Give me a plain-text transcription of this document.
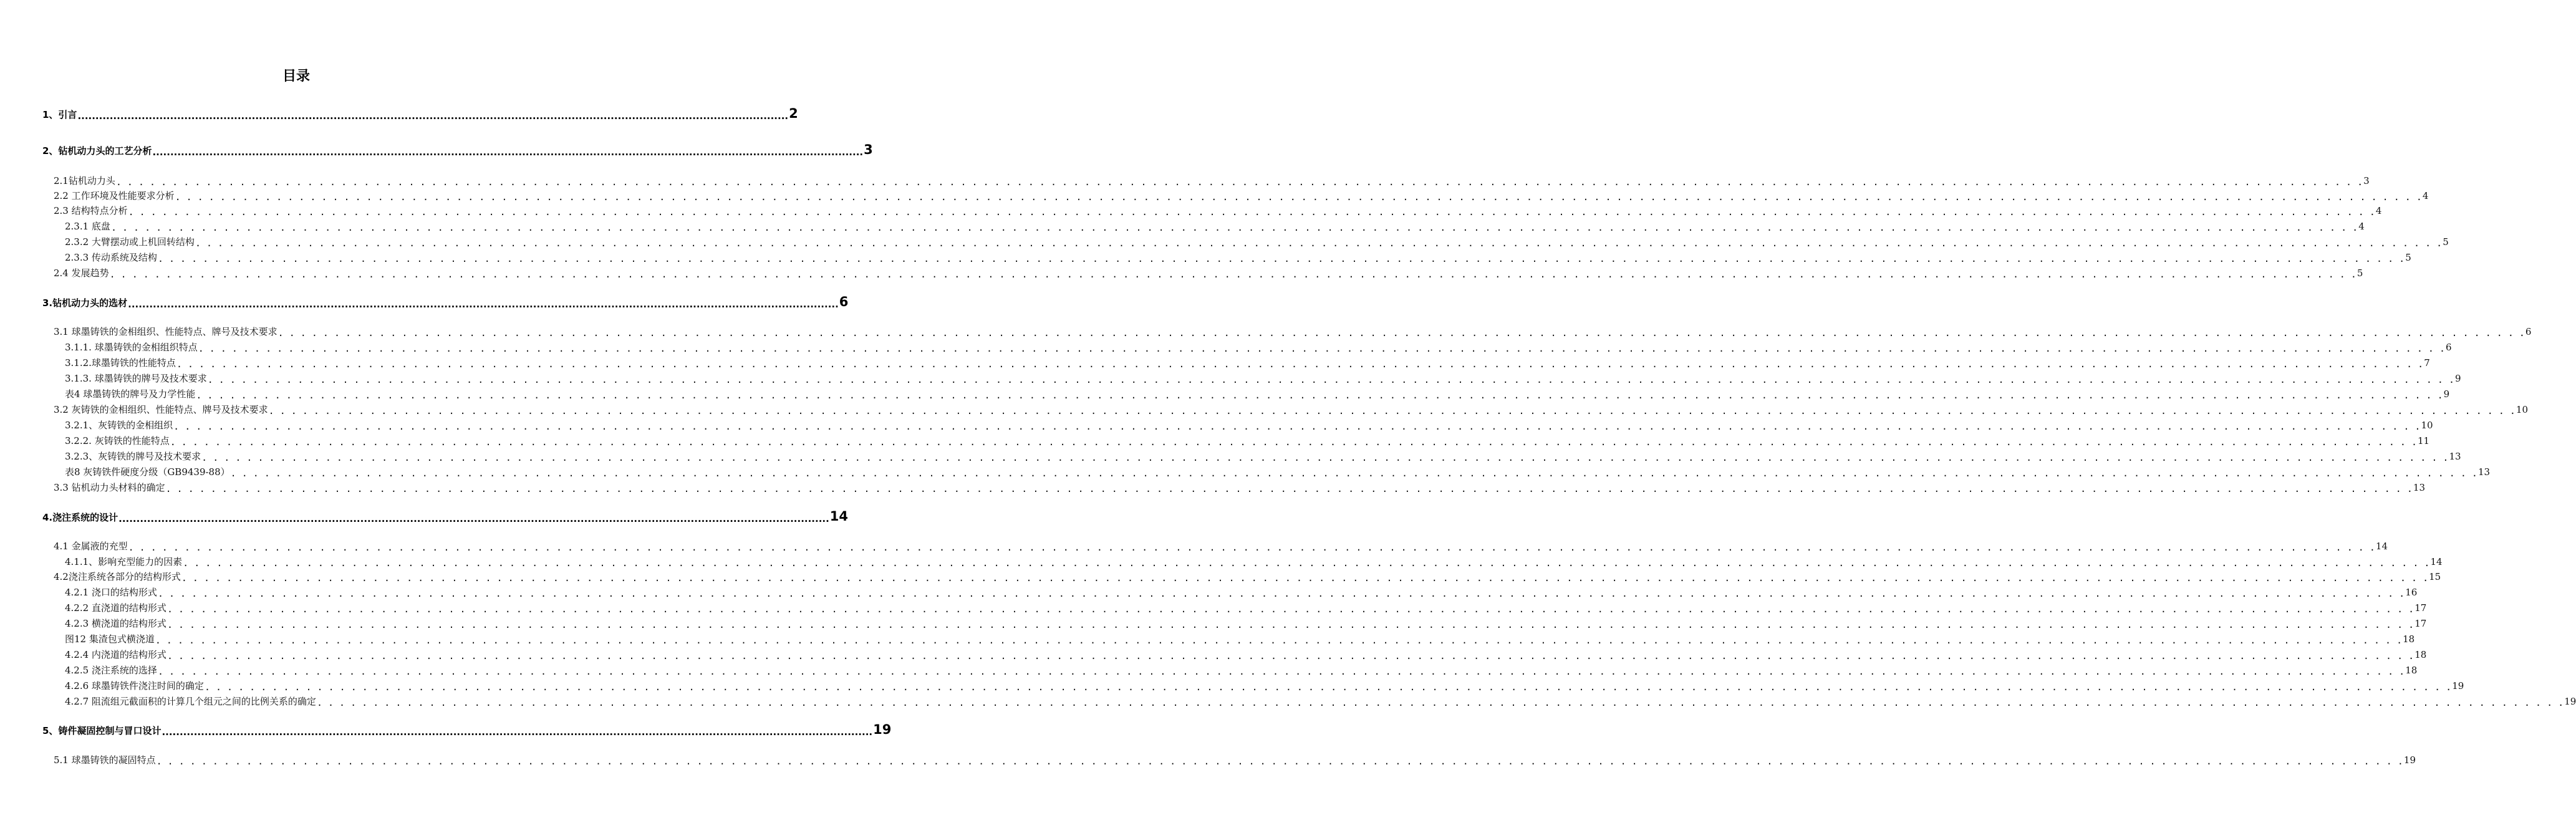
目录
1、引言 ........................................................................................................................................................................................................ 2
2、钻机动力头的工艺分析 ........................................................................................................................................................................................................ 3
2.1钻机动力头 . . . . . . . . . . . . . . . . . . . . . . . . . . . . . . . . . . . . . . . . . . . . . . . . . . . . . . . . . . . . . . . . . . . . . . . . . . . . . . . . . . . . . . . . . . . . . . . . . . . . . . . . . . . . . . . . . . . . . . . . . . . . . . . . . . . . . . . . . . . . . . . . . . . . . . . . . . . . . . . . . . . . . . . . . . . . . . . . . . . . . . . . . . . . . . . . . . . . . . . . 3
2.2 工作环境及性能要求分析 . . . . . . . . . . . . . . . . . . . . . . . . . . . . . . . . . . . . . . . . . . . . . . . . . . . . . . . . . . . . . . . . . . . . . . . . . . . . . . . . . . . . . . . . . . . . . . . . . . . . . . . . . . . . . . . . . . . . . . . . . . . . . . . . . . . . . . . . . . . . . . . . . . . . . . . . . . . . . . . . . . . . . . . . . . . . . . . . . . . . . . . . . . . . . . . . . . . . . . . . 4
2.3 结构特点分析 . . . . . . . . . . . . . . . . . . . . . . . . . . . . . . . . . . . . . . . . . . . . . . . . . . . . . . . . . . . . . . . . . . . . . . . . . . . . . . . . . . . . . . . . . . . . . . . . . . . . . . . . . . . . . . . . . . . . . . . . . . . . . . . . . . . . . . . . . . . . . . . . . . . . . . . . . . . . . . . . . . . . . . . . . . . . . . . . . . . . . . . . . . . . . . . . . . . . . . . . 4
2.3.1 底盘 . . . . . . . . . . . . . . . . . . . . . . . . . . . . . . . . . . . . . . . . . . . . . . . . . . . . . . . . . . . . . . . . . . . . . . . . . . . . . . . . . . . . . . . . . . . . . . . . . . . . . . . . . . . . . . . . . . . . . . . . . . . . . . . . . . . . . . . . . . . . . . . . . . . . . . . . . . . . . . . . . . . . . . . . . . . . . . . . . . . . . . . . . . . . . . . . . . . . . . . . 4
2.3.2 大臂摆动或上机回转结构 . . . . . . . . . . . . . . . . . . . . . . . . . . . . . . . . . . . . . . . . . . . . . . . . . . . . . . . . . . . . . . . . . . . . . . . . . . . . . . . . . . . . . . . . . . . . . . . . . . . . . . . . . . . . . . . . . . . . . . . . . . . . . . . . . . . . . . . . . . . . . . . . . . . . . . . . . . . . . . . . . . . . . . . . . . . . . . . . . . . . . . . . . . . . . . . . . . . . . . . . 5
2.3.3 传动系统及结构 . . . . . . . . . . . . . . . . . . . . . . . . . . . . . . . . . . . . . . . . . . . . . . . . . . . . . . . . . . . . . . . . . . . . . . . . . . . . . . . . . . . . . . . . . . . . . . . . . . . . . . . . . . . . . . . . . . . . . . . . . . . . . . . . . . . . . . . . . . . . . . . . . . . . . . . . . . . . . . . . . . . . . . . . . . . . . . . . . . . . . . . . . . . . . . . . . . . . . . . . 5
2.4 发展趋势 . . . . . . . . . . . . . . . . . . . . . . . . . . . . . . . . . . . . . . . . . . . . . . . . . . . . . . . . . . . . . . . . . . . . . . . . . . . . . . . . . . . . . . . . . . . . . . . . . . . . . . . . . . . . . . . . . . . . . . . . . . . . . . . . . . . . . . . . . . . . . . . . . . . . . . . . . . . . . . . . . . . . . . . . . . . . . . . . . . . . . . . . . . . . . . . . . . . . . . . . 5
3.钻机动力头的选材 ........................................................................................................................................................................................................ 6
3.1 球墨铸铁的金相组织、性能特点、牌号及技术要求 . . . . . . . . . . . . . . . . . . . . . . . . . . . . . . . . . . . . . . . . . . . . . . . . . . . . . . . . . . . . . . . . . . . . . . . . . . . . . . . . . . . . . . . . . . . . . . . . . . . . . . . . . . . . . . . . . . . . . . . . . . . . . . . . . . . . . . . . . . . . . . . . . . . . . . . . . . . . . . . . . . . . . . . . . . . . . . . . . . . . . . . . . . . . . . . . . . . . . . . . 6
3.1.1. 球墨铸铁的金相组织特点 . . . . . . . . . . . . . . . . . . . . . . . . . . . . . . . . . . . . . . . . . . . . . . . . . . . . . . . . . . . . . . . . . . . . . . . . . . . . . . . . . . . . . . . . . . . . . . . . . . . . . . . . . . . . . . . . . . . . . . . . . . . . . . . . . . . . . . . . . . . . . . . . . . . . . . . . . . . . . . . . . . . . . . . . . . . . . . . . . . . . . . . . . . . . . . . . . . . . . . . . 6
3.1.2.球墨铸铁的性能特点 . . . . . . . . . . . . . . . . . . . . . . . . . . . . . . . . . . . . . . . . . . . . . . . . . . . . . . . . . . . . . . . . . . . . . . . . . . . . . . . . . . . . . . . . . . . . . . . . . . . . . . . . . . . . . . . . . . . . . . . . . . . . . . . . . . . . . . . . . . . . . . . . . . . . . . . . . . . . . . . . . . . . . . . . . . . . . . . . . . . . . . . . . . . . . . . . . . . . . . . . 7
3.1.3. 球墨铸铁的牌号及技术要求 . . . . . . . . . . . . . . . . . . . . . . . . . . . . . . . . . . . . . . . . . . . . . . . . . . . . . . . . . . . . . . . . . . . . . . . . . . . . . . . . . . . . . . . . . . . . . . . . . . . . . . . . . . . . . . . . . . . . . . . . . . . . . . . . . . . . . . . . . . . . . . . . . . . . . . . . . . . . . . . . . . . . . . . . . . . . . . . . . . . . . . . . . . . . . . . . . . . . . . . . 9
表4 球墨铸铁的牌号及力学性能 . . . . . . . . . . . . . . . . . . . . . . . . . . . . . . . . . . . . . . . . . . . . . . . . . . . . . . . . . . . . . . . . . . . . . . . . . . . . . . . . . . . . . . . . . . . . . . . . . . . . . . . . . . . . . . . . . . . . . . . . . . . . . . . . . . . . . . . . . . . . . . . . . . . . . . . . . . . . . . . . . . . . . . . . . . . . . . . . . . . . . . . . . . . . . . . . . . . . . . . . 9
3.2 灰铸铁的金相组织、性能特点、牌号及技术要求 . . . . . . . . . . . . . . . . . . . . . . . . . . . . . . . . . . . . . . . . . . . . . . . . . . . . . . . . . . . . . . . . . . . . . . . . . . . . . . . . . . . . . . . . . . . . . . . . . . . . . . . . . . . . . . . . . . . . . . . . . . . . . . . . . . . . . . . . . . . . . . . . . . . . . . . . . . . . . . . . . . . . . . . . . . . . . . . . . . . . . . . . . . . . . . . . . . . . . . . . 10
3.2.1、灰铸铁的金相组织 . . . . . . . . . . . . . . . . . . . . . . . . . . . . . . . . . . . . . . . . . . . . . . . . . . . . . . . . . . . . . . . . . . . . . . . . . . . . . . . . . . . . . . . . . . . . . . . . . . . . . . . . . . . . . . . . . . . . . . . . . . . . . . . . . . . . . . . . . . . . . . . . . . . . . . . . . . . . . . . . . . . . . . . . . . . . . . . . . . . . . . . . . . . . . . . . . . . . . . . . 10
3.2.2. 灰铸铁的性能特点 . . . . . . . . . . . . . . . . . . . . . . . . . . . . . . . . . . . . . . . . . . . . . . . . . . . . . . . . . . . . . . . . . . . . . . . . . . . . . . . . . . . . . . . . . . . . . . . . . . . . . . . . . . . . . . . . . . . . . . . . . . . . . . . . . . . . . . . . . . . . . . . . . . . . . . . . . . . . . . . . . . . . . . . . . . . . . . . . . . . . . . . . . . . . . . . . . . . . . . . . 11
3.2.3、灰铸铁的牌号及技术要求 . . . . . . . . . . . . . . . . . . . . . . . . . . . . . . . . . . . . . . . . . . . . . . . . . . . . . . . . . . . . . . . . . . . . . . . . . . . . . . . . . . . . . . . . . . . . . . . . . . . . . . . . . . . . . . . . . . . . . . . . . . . . . . . . . . . . . . . . . . . . . . . . . . . . . . . . . . . . . . . . . . . . . . . . . . . . . . . . . . . . . . . . . . . . . . . . . . . . . . . . 13
表8 灰铸铁件硬度分级（GB9439-88） . . . . . . . . . . . . . . . . . . . . . . . . . . . . . . . . . . . . . . . . . . . . . . . . . . . . . . . . . . . . . . . . . . . . . . . . . . . . . . . . . . . . . . . . . . . . . . . . . . . . . . . . . . . . . . . . . . . . . . . . . . . . . . . . . . . . . . . . . . . . . . . . . . . . . . . . . . . . . . . . . . . . . . . . . . . . . . . . . . . . . . . . . . . . . . . . . . . . . . . . 13
3.3 钻机动力头材料的确定 . . . . . . . . . . . . . . . . . . . . . . . . . . . . . . . . . . . . . . . . . . . . . . . . . . . . . . . . . . . . . . . . . . . . . . . . . . . . . . . . . . . . . . . . . . . . . . . . . . . . . . . . . . . . . . . . . . . . . . . . . . . . . . . . . . . . . . . . . . . . . . . . . . . . . . . . . . . . . . . . . . . . . . . . . . . . . . . . . . . . . . . . . . . . . . . . . . . . . . . . 13
4.浇注系统的设计 ........................................................................................................................................................................................................ 14
4.1 金属液的充型 . . . . . . . . . . . . . . . . . . . . . . . . . . . . . . . . . . . . . . . . . . . . . . . . . . . . . . . . . . . . . . . . . . . . . . . . . . . . . . . . . . . . . . . . . . . . . . . . . . . . . . . . . . . . . . . . . . . . . . . . . . . . . . . . . . . . . . . . . . . . . . . . . . . . . . . . . . . . . . . . . . . . . . . . . . . . . . . . . . . . . . . . . . . . . . . . . . . . . . . . 14
4.1.1、影响充型能力的因素 . . . . . . . . . . . . . . . . . . . . . . . . . . . . . . . . . . . . . . . . . . . . . . . . . . . . . . . . . . . . . . . . . . . . . . . . . . . . . . . . . . . . . . . . . . . . . . . . . . . . . . . . . . . . . . . . . . . . . . . . . . . . . . . . . . . . . . . . . . . . . . . . . . . . . . . . . . . . . . . . . . . . . . . . . . . . . . . . . . . . . . . . . . . . . . . . . . . . . . . . 14
4.2浇注系统各部分的结构形式 . . . . . . . . . . . . . . . . . . . . . . . . . . . . . . . . . . . . . . . . . . . . . . . . . . . . . . . . . . . . . . . . . . . . . . . . . . . . . . . . . . . . . . . . . . . . . . . . . . . . . . . . . . . . . . . . . . . . . . . . . . . . . . . . . . . . . . . . . . . . . . . . . . . . . . . . . . . . . . . . . . . . . . . . . . . . . . . . . . . . . . . . . . . . . . . . . . . . . . . . 15
4.2.1 浇口的结构形式 . . . . . . . . . . . . . . . . . . . . . . . . . . . . . . . . . . . . . . . . . . . . . . . . . . . . . . . . . . . . . . . . . . . . . . . . . . . . . . . . . . . . . . . . . . . . . . . . . . . . . . . . . . . . . . . . . . . . . . . . . . . . . . . . . . . . . . . . . . . . . . . . . . . . . . . . . . . . . . . . . . . . . . . . . . . . . . . . . . . . . . . . . . . . . . . . . . . . . . . . 16
4.2.2 直浇道的结构形式 . . . . . . . . . . . . . . . . . . . . . . . . . . . . . . . . . . . . . . . . . . . . . . . . . . . . . . . . . . . . . . . . . . . . . . . . . . . . . . . . . . . . . . . . . . . . . . . . . . . . . . . . . . . . . . . . . . . . . . . . . . . . . . . . . . . . . . . . . . . . . . . . . . . . . . . . . . . . . . . . . . . . . . . . . . . . . . . . . . . . . . . . . . . . . . . . . . . . . . . . 17
4.2.3 横浇道的结构形式 . . . . . . . . . . . . . . . . . . . . . . . . . . . . . . . . . . . . . . . . . . . . . . . . . . . . . . . . . . . . . . . . . . . . . . . . . . . . . . . . . . . . . . . . . . . . . . . . . . . . . . . . . . . . . . . . . . . . . . . . . . . . . . . . . . . . . . . . . . . . . . . . . . . . . . . . . . . . . . . . . . . . . . . . . . . . . . . . . . . . . . . . . . . . . . . . . . . . . . . . 17
图12 集渣包式横浇道 . . . . . . . . . . . . . . . . . . . . . . . . . . . . . . . . . . . . . . . . . . . . . . . . . . . . . . . . . . . . . . . . . . . . . . . . . . . . . . . . . . . . . . . . . . . . . . . . . . . . . . . . . . . . . . . . . . . . . . . . . . . . . . . . . . . . . . . . . . . . . . . . . . . . . . . . . . . . . . . . . . . . . . . . . . . . . . . . . . . . . . . . . . . . . . . . . . . . . . . . 18
4.2.4 内浇道的结构形式 . . . . . . . . . . . . . . . . . . . . . . . . . . . . . . . . . . . . . . . . . . . . . . . . . . . . . . . . . . . . . . . . . . . . . . . . . . . . . . . . . . . . . . . . . . . . . . . . . . . . . . . . . . . . . . . . . . . . . . . . . . . . . . . . . . . . . . . . . . . . . . . . . . . . . . . . . . . . . . . . . . . . . . . . . . . . . . . . . . . . . . . . . . . . . . . . . . . . . . . . 18
4.2.5 浇注系统的选择 . . . . . . . . . . . . . . . . . . . . . . . . . . . . . . . . . . . . . . . . . . . . . . . . . . . . . . . . . . . . . . . . . . . . . . . . . . . . . . . . . . . . . . . . . . . . . . . . . . . . . . . . . . . . . . . . . . . . . . . . . . . . . . . . . . . . . . . . . . . . . . . . . . . . . . . . . . . . . . . . . . . . . . . . . . . . . . . . . . . . . . . . . . . . . . . . . . . . . . . . 18
4.2.6 球墨铸铁件浇注时间的确定 . . . . . . . . . . . . . . . . . . . . . . . . . . . . . . . . . . . . . . . . . . . . . . . . . . . . . . . . . . . . . . . . . . . . . . . . . . . . . . . . . . . . . . . . . . . . . . . . . . . . . . . . . . . . . . . . . . . . . . . . . . . . . . . . . . . . . . . . . . . . . . . . . . . . . . . . . . . . . . . . . . . . . . . . . . . . . . . . . . . . . . . . . . . . . . . . . . . . . . . . 19
4.2.7 阻流组元截面积的计算几个组元之间的比例关系的确定 . . . . . . . . . . . . . . . . . . . . . . . . . . . . . . . . . . . . . . . . . . . . . . . . . . . . . . . . . . . . . . . . . . . . . . . . . . . . . . . . . . . . . . . . . . . . . . . . . . . . . . . . . . . . . . . . . . . . . . . . . . . . . . . . . . . . . . . . . . . . . . . . . . . . . . . . . . . . . . . . . . . . . . . . . . . . . . . . . . . . . . . . . . . . . . . . . . . . . . . . 19
5、铸件凝固控制与冒口设计 ........................................................................................................................................................................................................ 19
5.1 球墨铸铁的凝固特点 . . . . . . . . . . . . . . . . . . . . . . . . . . . . . . . . . . . . . . . . . . . . . . . . . . . . . . . . . . . . . . . . . . . . . . . . . . . . . . . . . . . . . . . . . . . . . . . . . . . . . . . . . . . . . . . . . . . . . . . . . . . . . . . . . . . . . . . . . . . . . . . . . . . . . . . . . . . . . . . . . . . . . . . . . . . . . . . . . . . . . . . . . . . . . . . . . . . . . . . . 19
